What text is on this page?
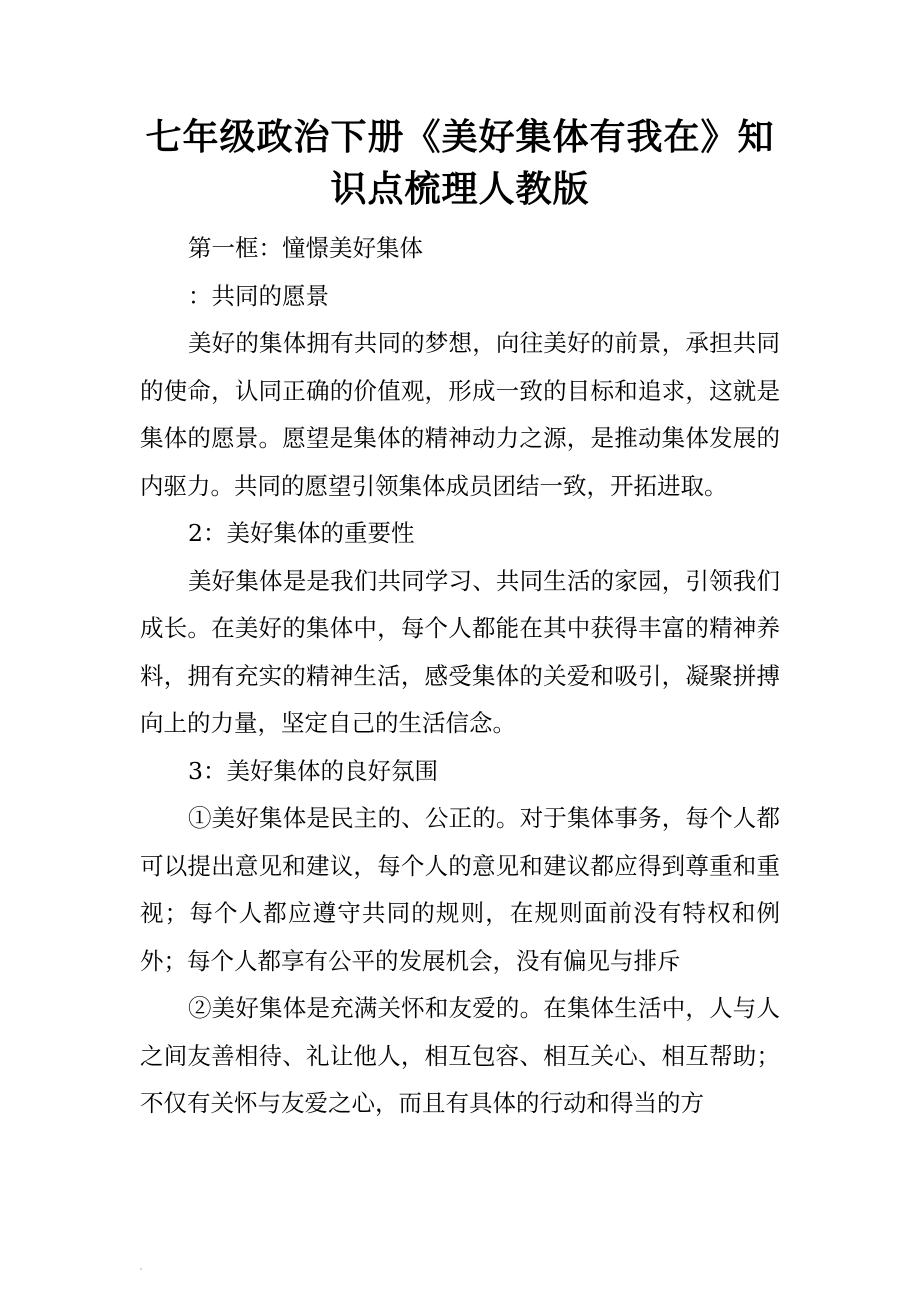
七年级政治下册《美好集体有我在》知识点梳理人教版

第一框：憧憬美好集体

：共同的愿景

美好的集体拥有共同的梦想，向往美好的前景，承担共同的使命，认同正确的价值观，形成一致的目标和追求，这就是集体的愿景。愿望是集体的精神动力之源，是推动集体发展的内驱力。共同的愿望引领集体成员团结一致，开拓进取。

2：美好集体的重要性

美好集体是是我们共同学习、共同生活的家园，引领我们成长。在美好的集体中，每个人都能在其中获得丰富的精神养料，拥有充实的精神生活，感受集体的关爱和吸引，凝聚拼搏向上的力量，坚定自己的生活信念。

3：美好集体的良好氛围

①美好集体是民主的、公正的。对于集体事务，每个人都可以提出意见和建议，每个人的意见和建议都应得到尊重和重视；每个人都应遵守共同的规则，在规则面前没有特权和例外；每个人都享有公平的发展机会，没有偏见与排斥

②美好集体是充满关怀和友爱的。在集体生活中，人与人之间友善相待、礼让他人，相互包容、相互关心、相互帮助；不仅有关怀与友爱之心，而且有具体的行动和得当的方
